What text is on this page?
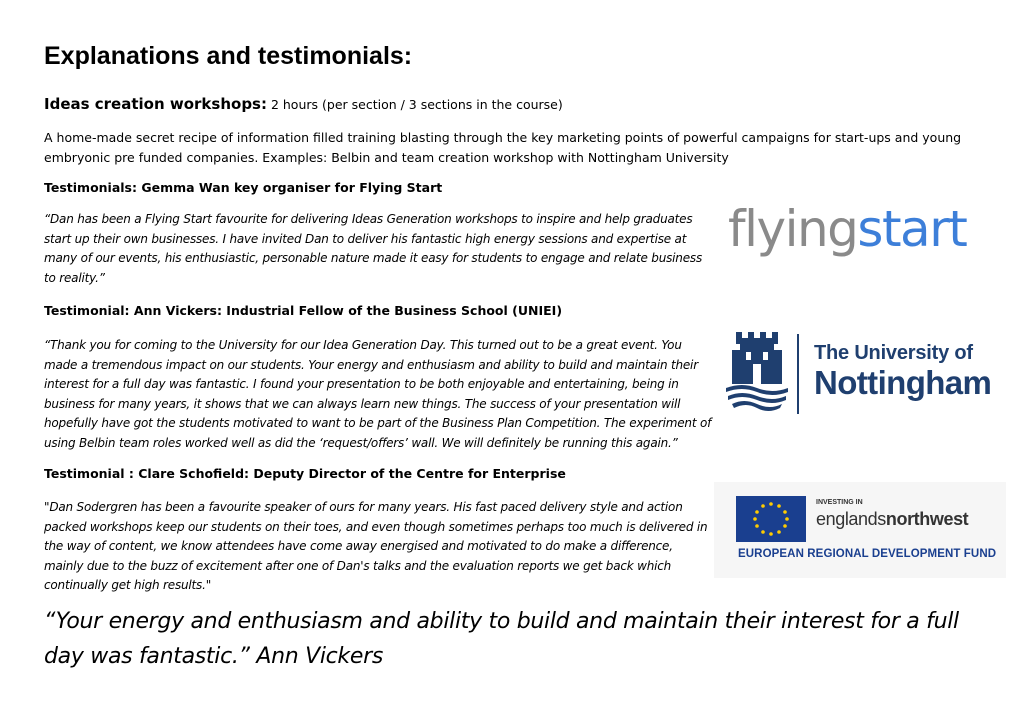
Explanations and testimonials:

Ideas creation workshops: 2 hours (per section / 3 sections in the course)

A home-made secret recipe of information filled training blasting through the key marketing points of powerful campaigns for start-ups and young embryonic pre funded companies. Examples: Belbin and team creation workshop with Nottingham University

Testimonials: Gemma Wan key organiser for Flying Start

“Dan has been a Flying Start favourite for delivering Ideas Generation workshops to inspire and help graduates start up their own businesses. I have invited Dan to deliver his fantastic high energy sessions and expertise at many of our events, his enthusiastic, personable nature made it easy for students to engage and relate business to reality.”

Testimonial: Ann Vickers: Industrial Fellow of the Business School (UNIEI)

“Thank you for coming to the University for our Idea Generation Day. This turned out to be a great event. You made a tremendous impact on our students. Your energy and enthusiasm and ability to build and maintain their interest for a full day was fantastic. I found your presentation to be both enjoyable and entertaining, being in business for many years, it shows that we can always learn new things. The success of your presentation will hopefully have got the students motivated to want to be part of the Business Plan Competition. The experiment of using Belbin team roles worked well as did the ‘request/offers’ wall. We will definitely be running this again.”

Testimonial : Clare Schofield: Deputy Director of the Centre for Enterprise

"Dan Sodergren has been a favourite speaker of ours for many years. His fast paced delivery style and action packed workshops keep our students on their toes, and even though sometimes perhaps too much is delivered in the way of content, we know attendees have come away energised and motivated to do make a difference, mainly due to the buzz of excitement after one of Dan's talks and the evaluation reports we get back which continually get high results."

“Your energy and enthusiasm and ability to build and maintain their interest for a full day was fantastic.” Ann Vickers

flyingstart
The University of
Nottingham
INVESTING IN
englandsnorthwest
EUROPEAN REGIONAL DEVELOPMENT FUND
